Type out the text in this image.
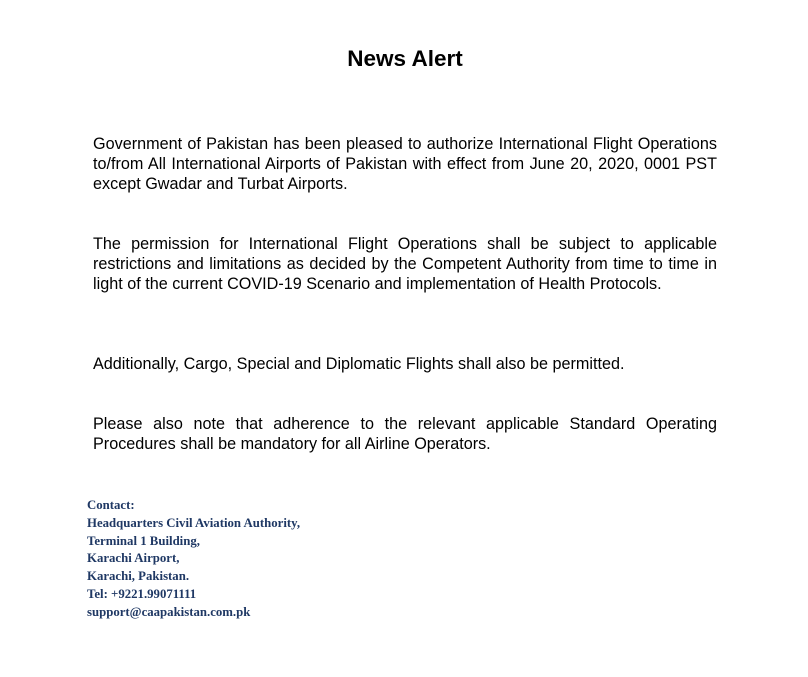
News Alert

Government of Pakistan has been pleased to authorize International Flight Operations to/from All International Airports of Pakistan with effect from June 20, 2020, 0001 PST except Gwadar and Turbat Airports.

The permission for International Flight Operations shall be subject to applicable restrictions and limitations as decided by the Competent Authority from time to time in light of the current COVID-19 Scenario and implementation of Health Protocols.

Additionally, Cargo, Special and Diplomatic Flights shall also be permitted.

Please also note that adherence to the relevant applicable Standard Operating Procedures shall be mandatory for all Airline Operators.

Contact:
Headquarters Civil Aviation Authority,
Terminal 1 Building,
Karachi Airport,
Karachi, Pakistan.
Tel: +9221.99071111
support@caapakistan.com.pk
